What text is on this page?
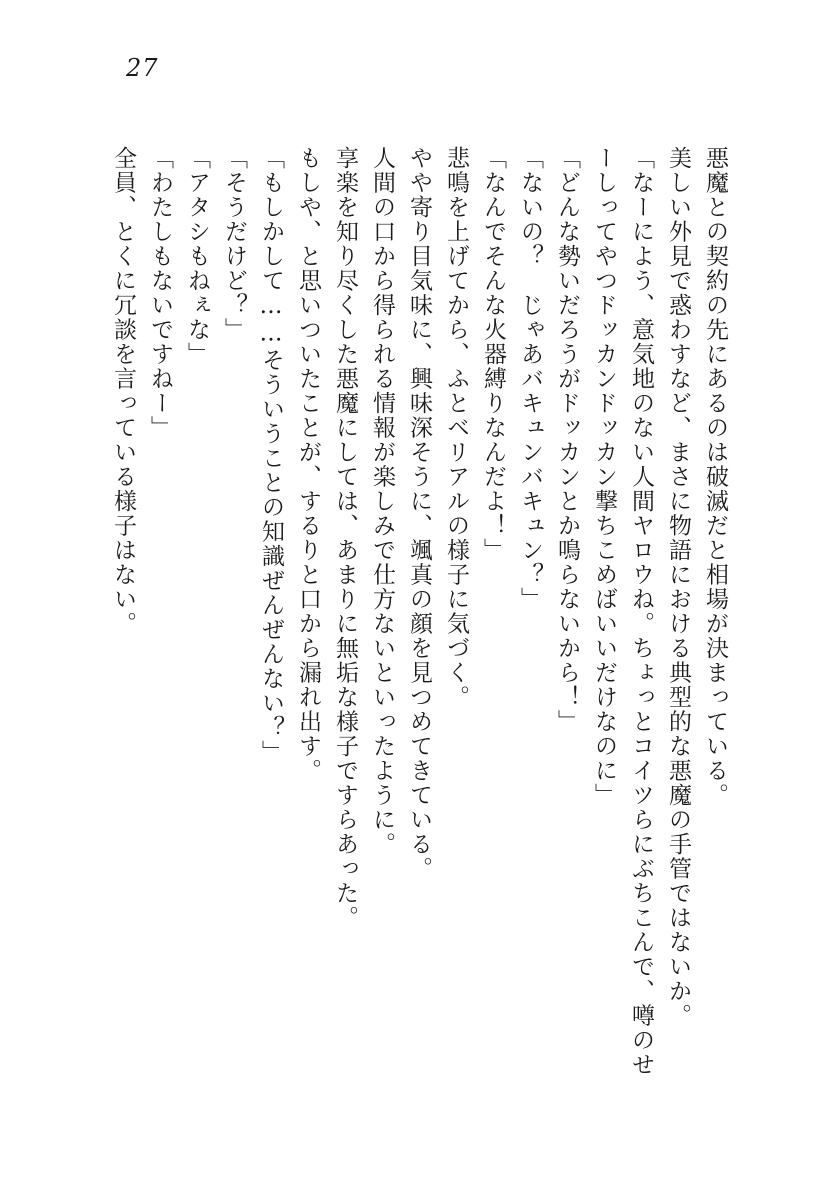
27

悪魔との契約の先にあるのは破滅だと相場が決まっている。

美しい外見で惑わすなど、まさに物語における典型的な悪魔の手管ではないか。

「なーによう、意気地のない人間ヤロウね。ちょっとコイツらにぶちこんで、噂のせ

ーしってやつドッカンドッカン撃ちこめばいいだけなのに」

「どんな勢いだろうがドッカンとか鳴らないから！」

「ないの？　じゃあバキュンバキュン？」

「なんでそんな火器縛りなんだよ！」

悲鳴を上げてから、ふとベリアルの様子に気づく。

やや寄り目気味に、興味深そうに、颯真の顔を見つめてきている。

人間の口から得られる情報が楽しみで仕方ないといったように。

享楽を知り尽くした悪魔にしては、あまりに無垢な様子ですらあった。

もしや、と思いついたことが、するりと口から漏れ出す。

「もしかして……そういうことの知識ぜんぜんない？」

「そうだけど？」

「アタシもねぇな」

「わたしもないですねー」

全員、とくに冗談を言っている様子はない。
